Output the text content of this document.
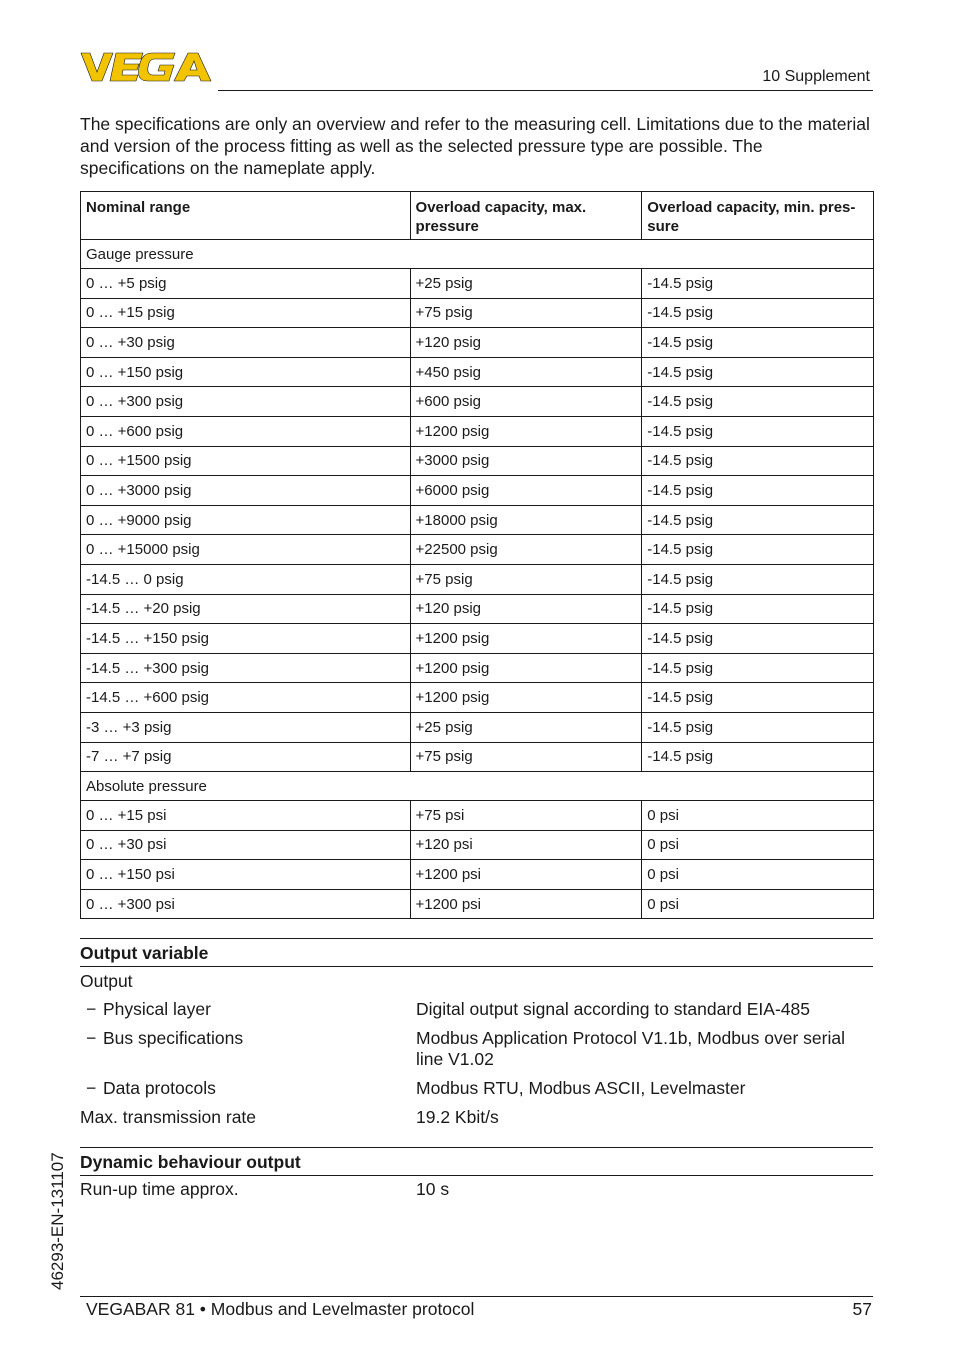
10 Supplement
The specifications are only an overview and refer to the measuring cell. Limitations due to the material and version of the process fitting as well as the selected pressure type are possible. The specifications on the nameplate apply.
Nominal range	Overload capacity, max. pressure	Overload capacity, min. pres-sure
Gauge pressure		
0 … +5 psig	+25 psig	-14.5 psig
0 … +15 psig	+75 psig	-14.5 psig
0 … +30 psig	+120 psig	-14.5 psig
0 … +150 psig	+450 psig	-14.5 psig
0 … +300 psig	+600 psig	-14.5 psig
0 … +600 psig	+1200 psig	-14.5 psig
0 … +1500 psig	+3000 psig	-14.5 psig
0 … +3000 psig	+6000 psig	-14.5 psig
0 … +9000 psig	+18000 psig	-14.5 psig
0 … +15000 psig	+22500 psig	-14.5 psig
-14.5 … 0 psig	+75 psig	-14.5 psig
-14.5 … +20 psig	+120 psig	-14.5 psig
-14.5 … +150 psig	+1200 psig	-14.5 psig
-14.5 … +300 psig	+1200 psig	-14.5 psig
-14.5 … +600 psig	+1200 psig	-14.5 psig
-3 … +3 psig	+25 psig	-14.5 psig
-7 … +7 psig	+75 psig	-14.5 psig
Absolute pressure		
0 … +15 psi	+75 psi	0 psi
0 … +30 psi	+120 psi	0 psi
0 … +150 psi	+1200 psi	0 psi
0 … +300 psi	+1200 psi	0 psi
Output variable
Output
− Physical layer	Digital output signal according to standard EIA-485
− Bus specifications	Modbus Application Protocol V1.1b, Modbus over serial line V1.02
− Data protocols	Modbus RTU, Modbus ASCII, Levelmaster
Max. transmission rate	19.2 Kbit/s
Dynamic behaviour output
Run-up time approx.	10 s
46293-EN-131107
VEGABAR 81 • Modbus and Levelmaster protocol	57
